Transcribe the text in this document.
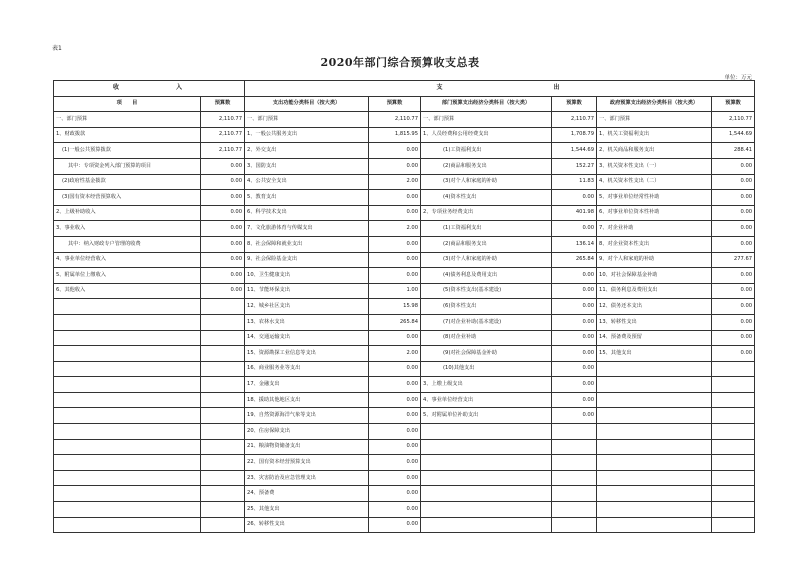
表1
2020年部门综合预算收支总表
单位：万元
收　　　　　　入		支　　　　　　　　　　　　出					
项　　目	预算数	支出功能分类科目（按大类）	预算数	部门预算支出经济分类科目（按大类）	预算数	政府预算支出经济分类科目（按大类）	预算数
一、部门预算	2,110.77	一、部门预算	2,110.77	一、部门预算	2,110.77	一、部门预算	2,110.77
1、财政拨款	2,110.77	1、一般公共服务支出	1,815.95	1、人员经费和公用经费支出	1,708.79	1、机关工资福利支出	1,544.69
(1)一般公共预算拨款	2,110.77	2、外交支出	0.00	(1)工资福利支出	1,544.69	2、机关商品和服务支出	288.41
其中：专项资金列入部门预算的项目	0.00	3、国防支出	0.00	(2)商品和服务支出	152.27	3、机关资本性支出（一）	0.00
(2)政府性基金拨款	0.00	4、公共安全支出	2.00	(3)对个人和家庭的补助	11.83	4、机关资本性支出（二）	0.00
(3)国有资本经营预算收入	0.00	5、教育支出	0.00	(4)资本性支出	0.00	5、对事业单位经常性补助	0.00
2、上级补助收入	0.00	6、科学技术支出	0.00	2、专项业务经费支出	401.98	6、对事业单位资本性补助	0.00
3、事业收入	0.00	7、文化旅游体育与传媒支出	2.00	(1)工资福利支出	0.00	7、对企业补助	0.00
其中：纳入财政专户管理的收费	0.00	8、社会保障和就业支出	0.00	(2)商品和服务支出	136.14	8、对企业资本性支出	0.00
4、事业单位经营收入	0.00	9、社会保险基金支出	0.00	(3)对个人和家庭的补助	265.84	9、对个人和家庭的补助	277.67
5、附属单位上缴收入	0.00	10、卫生健康支出	0.00	(4)债务利息及费用支出	0.00	10、对社会保障基金补助	0.00
6、其他收入	0.00	11、节能环保支出	1.00	(5)资本性支出(基本建设)	0.00	11、债务利息及费用支出	0.00
		12、城乡社区支出	15.98	(6)资本性支出	0.00	12、债务还本支出	0.00
		13、农林水支出	265.84	(7)对企业补助(基本建设)	0.00	13、转移性支出	0.00
		14、交通运输支出	0.00	(8)对企业补助	0.00	14、预备费及预留	0.00
		15、资源勘探工业信息等支出	2.00	(9)对社会保障基金补助	0.00	15、其他支出	0.00
		16、商业服务业等支出	0.00	(10)其他支出	0.00		
		17、金融支出	0.00	3、上缴上级支出	0.00		
		18、援助其他地区支出	0.00	4、事业单位经营支出	0.00		
		19、自然资源海洋气象等支出	0.00	5、对附属单位补助支出	0.00		
		20、住房保障支出	0.00				
		21、粮油物资储备支出	0.00				
		22、国有资本经营预算支出	0.00				
		23、灾害防治及应急管理支出	0.00				
		24、预备费	0.00				
		25、其他支出	0.00				
		26、转移性支出	0.00				
